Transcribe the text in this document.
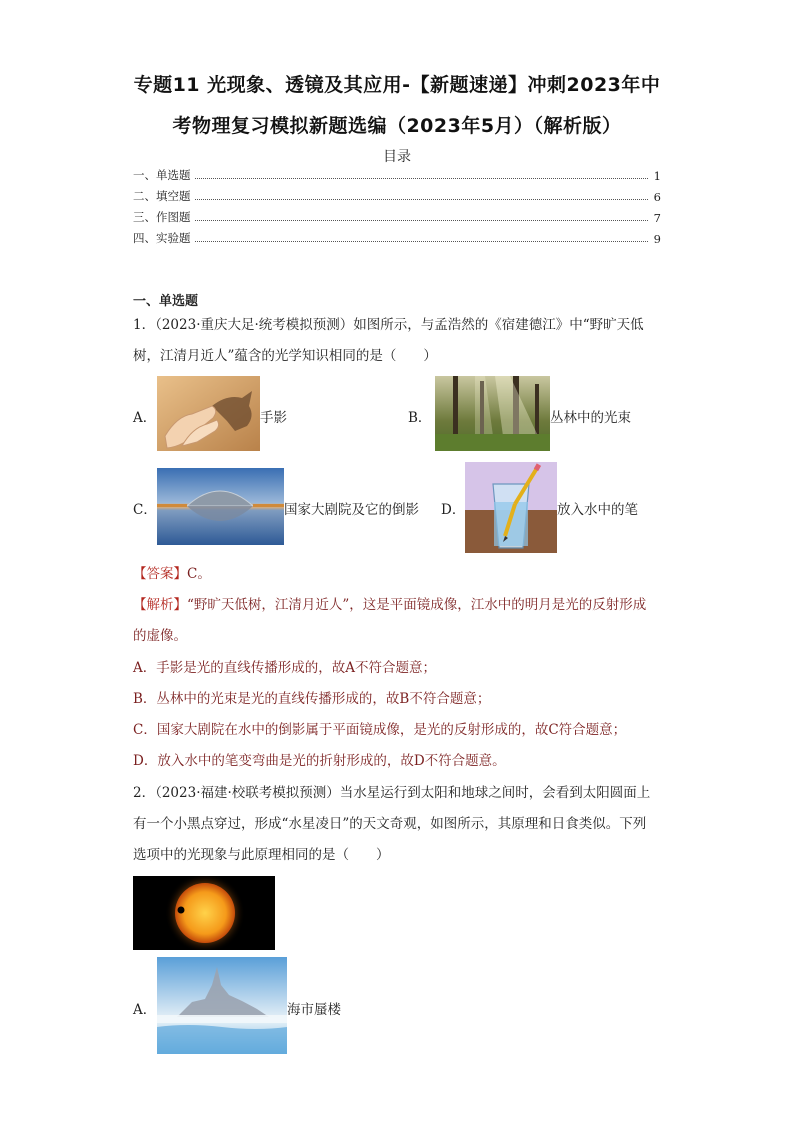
专题11 光现象、透镜及其应用-【新题速递】冲刺2023年中
考物理复习模拟新题选编（2023年5月）（解析版）
目录
一、单选题	1
二、填空题	6
三、作图题	7
四、实验题	9
一、单选题
1．（2023·重庆大足·统考模拟预测）如图所示，与孟浩然的《宿建德江》中“野旷天低
树，江清月近人”蕴含的光学知识相同的是（　　）
A．	手影	B．	丛林中的光束
C．	国家大剧院及它的倒影 D．	放入水中的笔
【答案】C。
【解析】“野旷天低树，江清月近人”，这是平面镜成像，江水中的明月是光的反射形成
的虚像。
A．手影是光的直线传播形成的，故A不符合题意；
B．丛林中的光束是光的直线传播形成的，故B不符合题意；
C．国家大剧院在水中的倒影属于平面镜成像，是光的反射形成的，故C符合题意；
D．放入水中的笔变弯曲是光的折射形成的，故D不符合题意。
2．（2023·福建·校联考模拟预测）当水星运行到太阳和地球之间时，会看到太阳圆面上
有一个小黑点穿过，形成“水星凌日”的天文奇观，如图所示，其原理和日食类似。下列
选项中的光现象与此原理相同的是（　　）
A．	海市蜃楼
